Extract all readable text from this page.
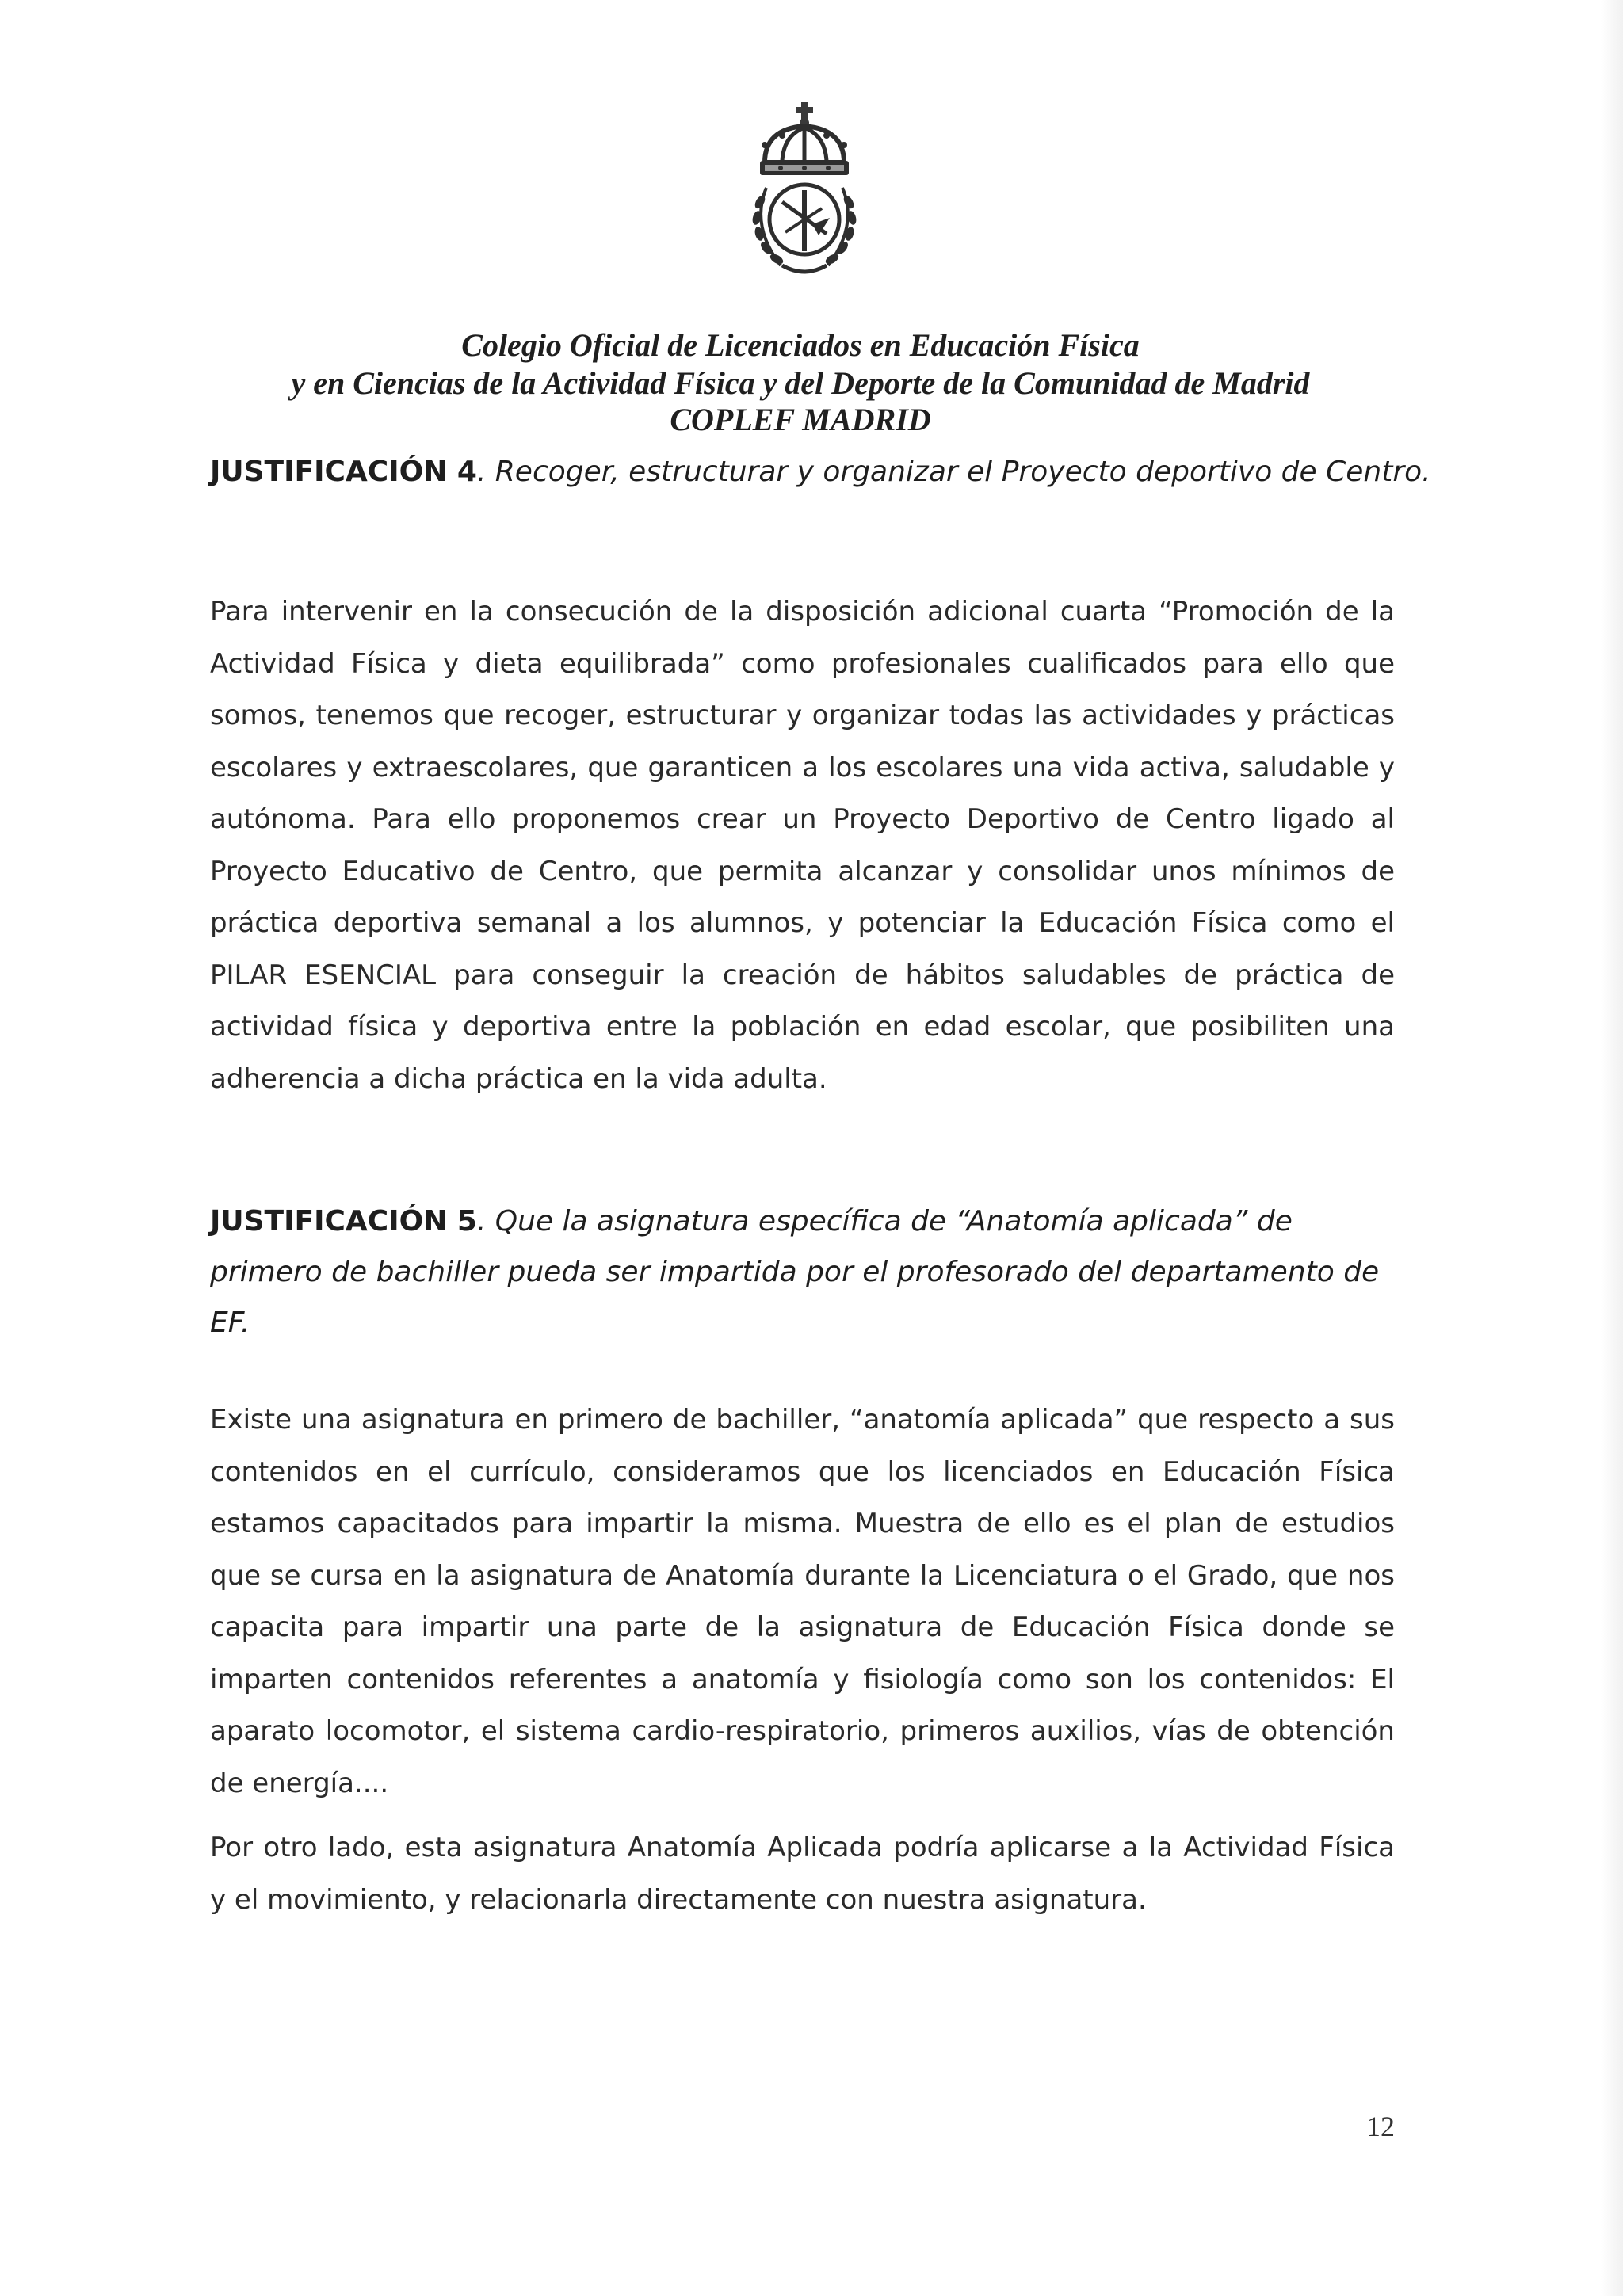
Colegio Oficial de Licenciados en Educación Física
y en Ciencias de la Actividad Física y del Deporte de la Comunidad de Madrid
COPLEF MADRID
JUSTIFICACIÓN 4. Recoger, estructurar y organizar el Proyecto deportivo de Centro.
Para intervenir en la consecución de la disposición adicional cuarta “Promoción de la Actividad Física y dieta equilibrada” como profesionales cualificados para ello que somos, tenemos que recoger, estructurar y organizar todas las actividades y prácticas escolares y extraescolares, que garanticen a los escolares una vida activa, saludable y autónoma. Para ello proponemos crear un Proyecto Deportivo de Centro ligado al Proyecto Educativo de Centro, que permita alcanzar y consolidar unos mínimos de práctica deportiva semanal a los alumnos, y potenciar la Educación Física como el PILAR ESENCIAL para conseguir la creación de hábitos saludables de práctica de actividad física y deportiva entre la población en edad escolar, que posibiliten una adherencia a dicha práctica en la vida adulta.
JUSTIFICACIÓN 5. Que la asignatura específica de “Anatomía aplicada” de primero de bachiller pueda ser impartida por el profesorado del departamento de EF.
Existe una asignatura en primero de bachiller, “anatomía aplicada” que respecto a sus contenidos en el currículo, consideramos que los licenciados en Educación Física estamos capacitados para impartir la misma. Muestra de ello es el plan de estudios que se cursa en la asignatura de Anatomía durante la Licenciatura o el Grado, que nos capacita para impartir una parte de la asignatura de Educación Física donde se imparten contenidos referentes a anatomía y fisiología como son los contenidos: El aparato locomotor, el sistema cardio-respiratorio, primeros auxilios, vías de obtención de energía....
Por otro lado, esta asignatura Anatomía Aplicada podría aplicarse a la Actividad Física y el movimiento, y relacionarla directamente con nuestra asignatura.
12
